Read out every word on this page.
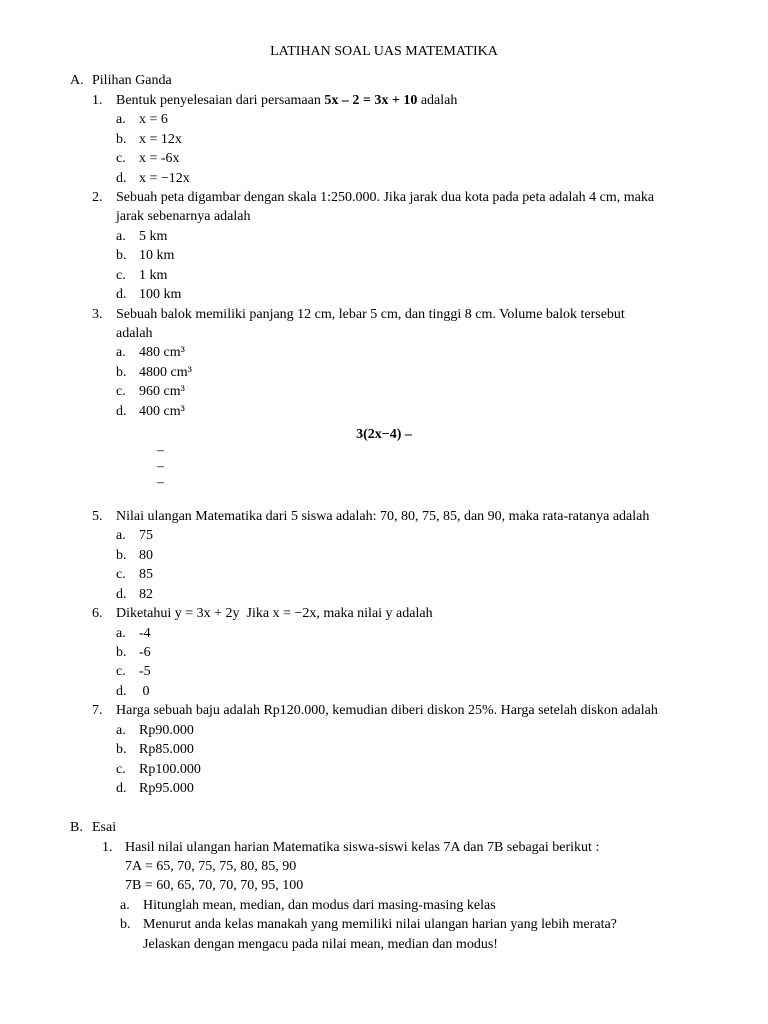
LATIHAN SOAL UAS MATEMATIKA
A. Pilihan Ganda
1. Bentuk penyelesaian dari persamaan 5x – 2 = 3x + 10 adalah
a. x = 6
b. x = 12x
c. x = -6x
d. x = −12x
2. Sebuah peta digambar dengan skala 1:250.000. Jika jarak dua kota pada peta adalah 4 cm, maka
jarak sebenarnya adalah
a. 5 km
b. 10 km
c. 1 km
d. 100 km
3. Sebuah balok memiliki panjang 12 cm, lebar 5 cm, dan tinggi 8 cm. Volume balok tersebut
adalah
a. 480 cm³
b. 4800 cm³
c. 960 cm³
d. 400 cm³
3(2x−4) –
–
–
–
5. Nilai ulangan Matematika dari 5 siswa adalah: 70, 80, 75, 85, dan 90, maka rata-ratanya adalah
a. 75
b. 80
c. 85
d. 82
6. Diketahui y = 3x + 2y  Jika x = −2x, maka nilai y adalah
a. -4
b. -6
c. -5
d. 0
7. Harga sebuah baju adalah Rp120.000, kemudian diberi diskon 25%. Harga setelah diskon adalah
a. Rp90.000
b. Rp85.000
c. Rp100.000
d. Rp95.000
B. Esai
1. Hasil nilai ulangan harian Matematika siswa-siswi kelas 7A dan 7B sebagai berikut :
7A = 65, 70, 75, 75, 80, 85, 90
7B = 60, 65, 70, 70, 70, 95, 100
a. Hitunglah mean, median, dan modus dari masing-masing kelas
b. Menurut anda kelas manakah yang memiliki nilai ulangan harian yang lebih merata?
Jelaskan dengan mengacu pada nilai mean, median dan modus!
